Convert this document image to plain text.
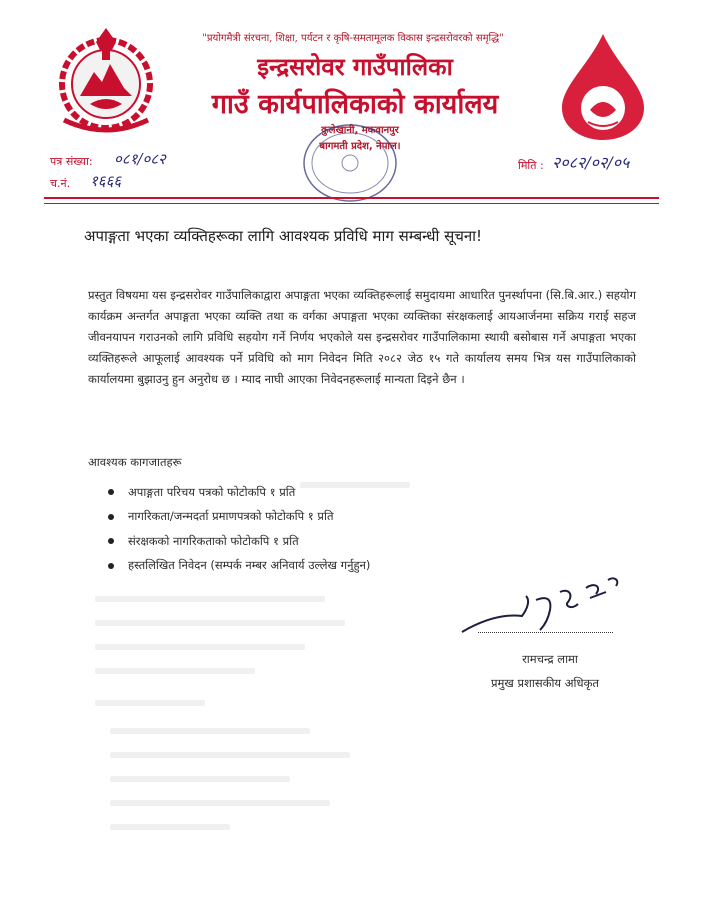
"प्रयोगमैत्री संरचना, शिक्षा, पर्यटन र कृषि-समतामूलक विकास इन्द्रसरोवरको समृद्धि"
इन्द्रसरोवर गाउँपालिका
गाउँ कार्यपालिकाको कार्यालय
कुलेखानी, मकवानपुर
बागमती प्रदेश, नेपाल।
पत्र संख्या: ०८१/०८२
च.नं. १६६६
मिति : २०८२/०२/०५
अपाङ्गता भएका व्यक्तिहरूका लागि आवश्यक प्रविधि माग सम्बन्धी सूचना!
प्रस्तुत विषयमा यस इन्द्रसरोवर गाउँपालिकाद्वारा अपाङ्गता भएका व्यक्तिहरूलाई समुदायमा आधारित पुनर्स्थापना (सि.बि.आर.) सहयोग कार्यक्रम अन्तर्गत अपाङ्गता भएका व्यक्ति तथा क वर्गका अपाङ्गता भएका व्यक्तिका संरक्षकलाई आयआर्जनमा सक्रिय गराई सहज जीवनयापन गराउनको लागि प्रविधि सहयोग गर्ने निर्णय भएकोले यस इन्द्रसरोवर गाउँपालिकामा स्थायी बसोबास गर्ने अपाङ्गता भएका व्यक्तिहरूले आफूलाई आवश्यक पर्ने प्रविधि को माग निवेदन मिति २०८२ जेठ १५ गते कार्यालय समय भित्र यस गाउँपालिकाको कार्यालयमा बुझाउनु हुन अनुरोध छ । म्याद नाघी आएका निवेदनहरूलाई मान्यता दिइने छैन ।
आवश्यक कागजातहरू
अपाङ्गता परिचय पत्रको फोटोकपि १ प्रति
नागरिकता/जन्मदर्ता प्रमाणपत्रको फोटोकपि १ प्रति
संरक्षकको नागरिकताको फोटोकपि १ प्रति
हस्तलिखित निवेदन (सम्पर्क नम्बर अनिवार्य उल्लेख गर्नुहुन)
रामचन्द्र लामा
प्रमुख प्रशासकीय अधिकृत
